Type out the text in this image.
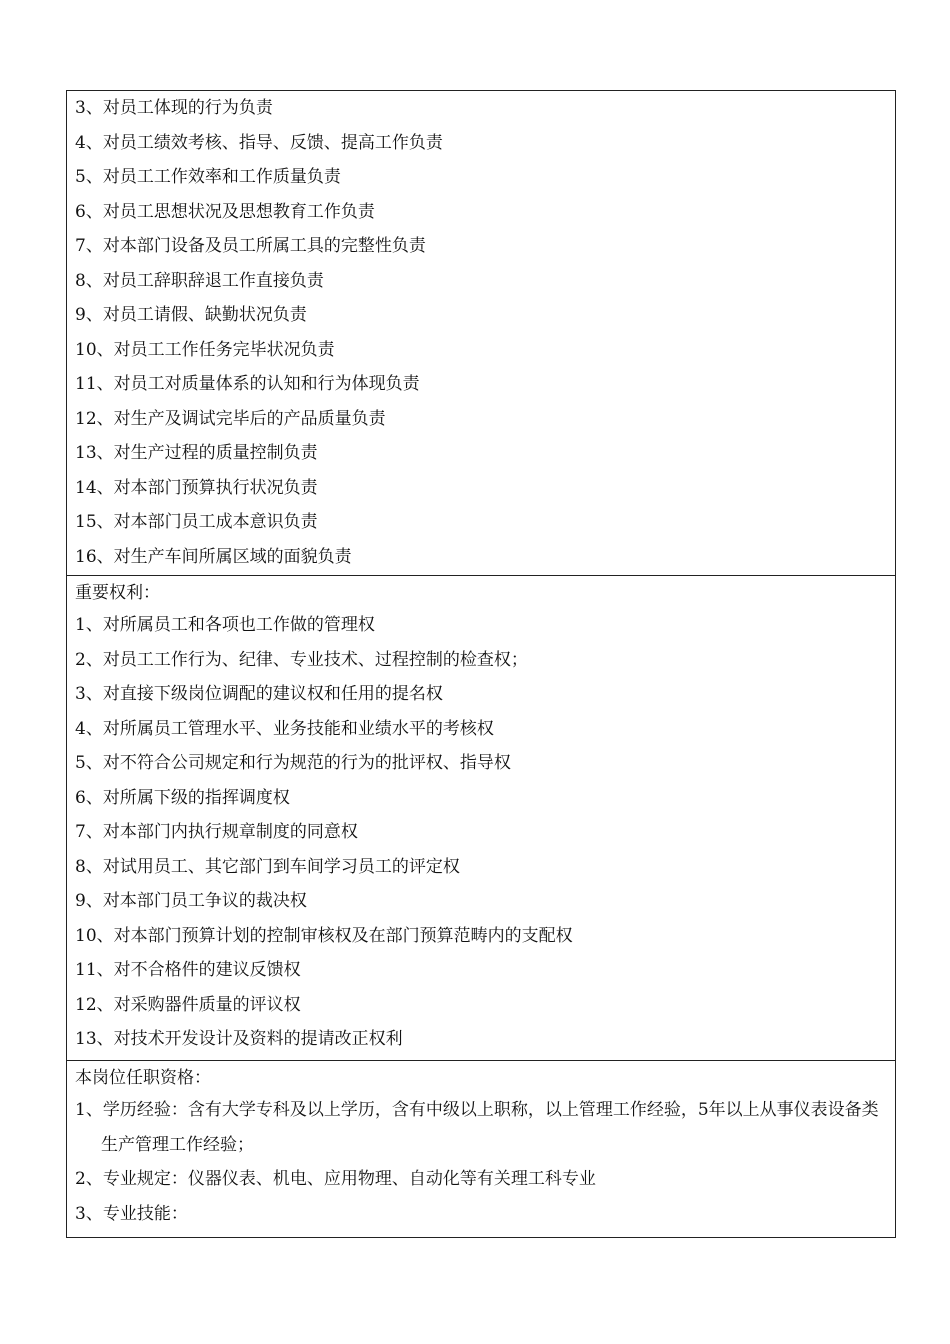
3、对员工体现的行为负责
4、对员工绩效考核、指导、反馈、提高工作负责
5、对员工工作效率和工作质量负责
6、对员工思想状况及思想教育工作负责
7、对本部门设备及员工所属工具的完整性负责
8、对员工辞职辞退工作直接负责
9、对员工请假、缺勤状况负责
10、对员工工作任务完毕状况负责
11、对员工对质量体系的认知和行为体现负责
12、对生产及调试完毕后的产品质量负责
13、对生产过程的质量控制负责
14、对本部门预算执行状况负责
15、对本部门员工成本意识负责
16、对生产车间所属区域的面貌负责
重要权利：
1、对所属员工和各项也工作做的管理权
2、对员工工作行为、纪律、专业技术、过程控制的检查权；
3、对直接下级岗位调配的建议权和任用的提名权
4、对所属员工管理水平、业务技能和业绩水平的考核权
5、对不符合公司规定和行为规范的行为的批评权、指导权
6、对所属下级的指挥调度权
7、对本部门内执行规章制度的同意权
8、对试用员工、其它部门到车间学习员工的评定权
9、对本部门员工争议的裁决权
10、对本部门预算计划的控制审核权及在部门预算范畴内的支配权
11、对不合格件的建议反馈权
12、对采购器件质量的评议权
13、对技术开发设计及资料的提请改正权利
本岗位任职资格：
1、学历经验：含有大学专科及以上学历，含有中级以上职称，以上管理工作经验，5年以上从事仪表设备类生产管理工作经验；
2、专业规定：仪器仪表、机电、应用物理、自动化等有关理工科专业
3、专业技能：
